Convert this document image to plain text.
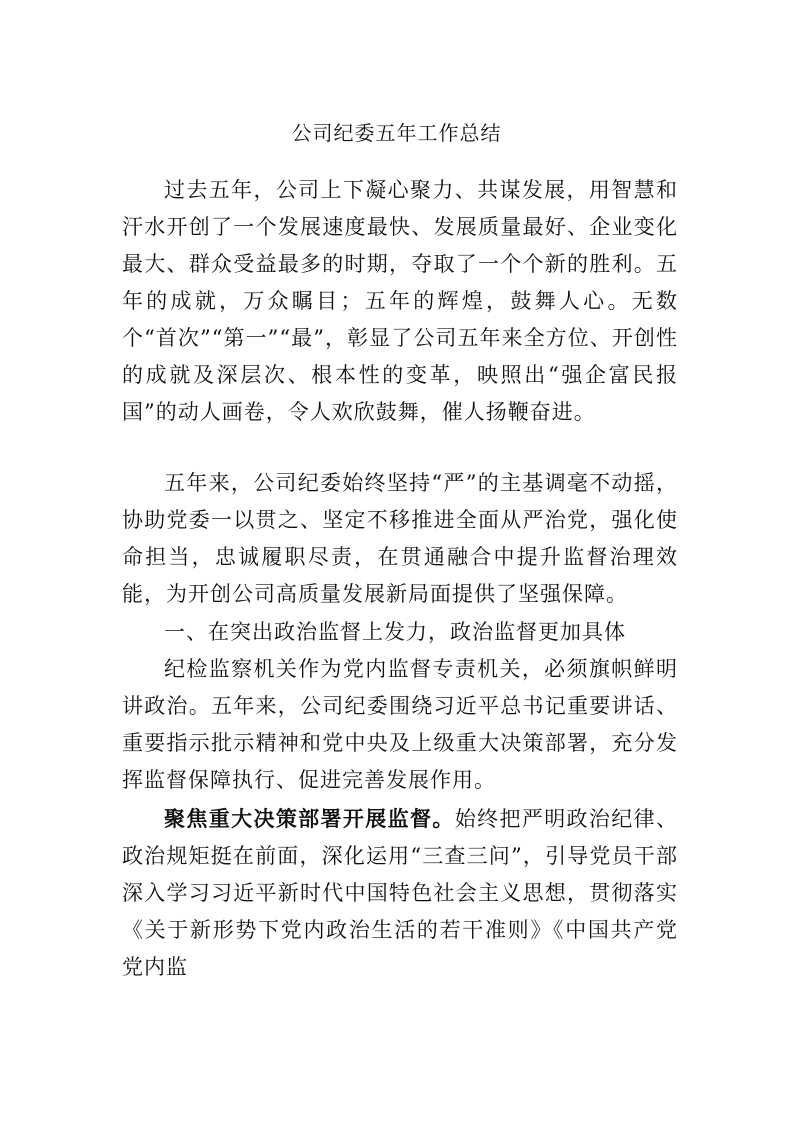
公司纪委五年工作总结

过去五年，公司上下凝心聚力、共谋发展，用智慧和汗水开创了一个发展速度最快、发展质量最好、企业变化最大、群众受益最多的时期，夺取了一个个新的胜利。五年的成就，万众瞩目；五年的辉煌，鼓舞人心。无数个“首次”“第一”“最”，彰显了公司五年来全方位、开创性的成就及深层次、根本性的变革，映照出“强企富民报国”的动人画卷，令人欢欣鼓舞，催人扬鞭奋进。

五年来，公司纪委始终坚持“严”的主基调毫不动摇，协助党委一以贯之、坚定不移推进全面从严治党，强化使命担当，忠诚履职尽责，在贯通融合中提升监督治理效能，为开创公司高质量发展新局面提供了坚强保障。

一、在突出政治监督上发力，政治监督更加具体

纪检监察机关作为党内监督专责机关，必须旗帜鲜明讲政治。五年来，公司纪委围绕习近平总书记重要讲话、重要指示批示精神和党中央及上级重大决策部署，充分发挥监督保障执行、促进完善发展作用。

聚焦重大决策部署开展监督。始终把严明政治纪律、政治规矩挺在前面，深化运用“三查三问”，引导党员干部深入学习习近平新时代中国特色社会主义思想，贯彻落实《关于新形势下党内政治生活的若干准则》《中国共产党党内监
